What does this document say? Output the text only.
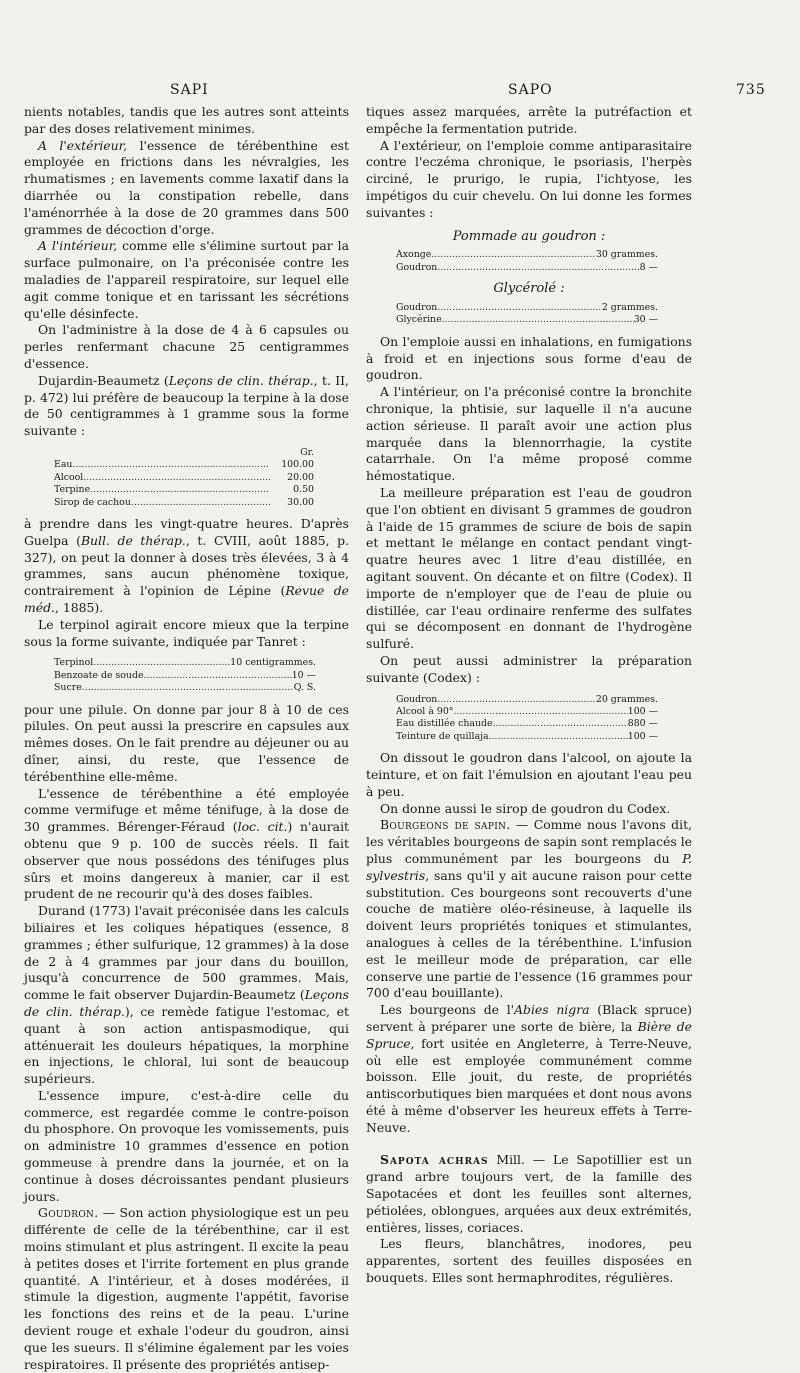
SAPI	SAPO	735

nients notables, tandis que les autres sont atteints par des doses relativement minimes.

A l'extérieur, l'essence de térébenthine est employée en frictions dans les névralgies, les rhumatismes ; en lavements comme laxatif dans la diarrhée ou la constipation rebelle, dans l'aménorrhée à la dose de 20 grammes dans 500 grammes de décoction d'orge.

A l'intérieur, comme elle s'élimine surtout par la surface pulmonaire, on l'a préconisée contre les maladies de l'appareil respiratoire, sur lequel elle agit comme tonique et en tarissant les sécrétions qu'elle désinfecte.

On l'administre à la dose de 4 à 6 capsules ou perles renfermant chacune 25 centigrammes d'essence.

Dujardin-Beaumetz (Leçons de clin. thérap., t. II, p. 472) lui préfère de beaucoup la terpine à la dose de 50 centigrammes à 1 gramme sous la forme suivante :

Gr.
Eau .....	100.00
Alcool .....	20.00
Terpine .....	0.50
Sirop de cachou .....	30.00

à prendre dans les vingt-quatre heures. D'après Guelpa (Bull. de thérap., t. CVIII, août 1885, p. 327), on peut la donner à doses très élevées, 3 à 4 grammes, sans aucun phénomène toxique, contrairement à l'opinion de Lépine (Revue de méd., 1885).

Le terpinol agirait encore mieux que la terpine sous la forme suivante, indiquée par Tanret :

Terpinol .....	10 centigrammes.
Benzoate de soude .....	10 —
Sucre .....	Q. S.

pour une pilule. On donne par jour 8 à 10 de ces pilules. On peut aussi la prescrire en capsules aux mêmes doses. On le fait prendre au déjeuner ou au dîner, ainsi, du reste, que l'essence de térébenthine elle-même.

L'essence de térébenthine a été employée comme vermifuge et même ténifuge, à la dose de 30 grammes. Bérenger-Féraud (loc. cit.) n'aurait obtenu que 9 p. 100 de succès réels. Il fait observer que nous possédons des ténifuges plus sûrs et moins dangereux à manier, car il est prudent de ne recourir qu'à des doses faibles.

Durand (1773) l'avait préconisée dans les calculs biliaires et les coliques hépatiques (essence, 8 grammes ; éther sulfurique, 12 grammes) à la dose de 2 à 4 grammes par jour dans du bouillon, jusqu'à concurrence de 500 grammes. Mais, comme le fait observer Dujardin-Beaumetz (Leçons de clin. thérap.), ce remède fatigue l'estomac, et quant à son action antispasmodique, qui atténuerait les douleurs hépatiques, la morphine en injections, le chloral, lui sont de beaucoup supérieurs.

L'essence impure, c'est-à-dire celle du commerce, est regardée comme le contre-poison du phosphore. On provoque les vomissements, puis on administre 10 grammes d'essence en potion gommeuse à prendre dans la journée, et on la continue à doses décroissantes pendant plusieurs jours.

Goudron. — Son action physiologique est un peu différente de celle de la térébenthine, car il est moins stimulant et plus astringent. Il excite la peau à petites doses et l'irrite fortement en plus grande quantité. A l'intérieur, et à doses modérées, il stimule la digestion, augmente l'appétit, favorise les fonctions des reins et de la peau. L'urine devient rouge et exhale l'odeur du goudron, ainsi que les sueurs. Il s'élimine également par les voies respiratoires. Il présente des propriétés antisep-

tiques assez marquées, arrête la putréfaction et empêche la fermentation putride.

A l'extérieur, on l'emploie comme antiparasitaire contre l'eczéma chronique, le psoriasis, l'herpès circiné, le prurigo, le rupia, l'ichtyose, les impétigos du cuir chevelu. On lui donne les formes suivantes :

Pommade au goudron :
Axonge .....	30 grammes.
Goudron .....	8 —
Glycérolé :
Goudron .....	2 grammes.
Glycérine .....	30 —

On l'emploie aussi en inhalations, en fumigations à froid et en injections sous forme d'eau de goudron.

A l'intérieur, on l'a préconisé contre la bronchite chronique, la phtisie, sur laquelle il n'a aucune action sérieuse. Il paraît avoir une action plus marquée dans la blennorrhagie, la cystite catarrhale. On l'a même proposé comme hémostatique.

La meilleure préparation est l'eau de goudron que l'on obtient en divisant 5 grammes de goudron à l'aide de 15 grammes de sciure de bois de sapin et mettant le mélange en contact pendant vingt-quatre heures avec 1 litre d'eau distillée, en agitant souvent. On décante et on filtre (Codex). Il importe de n'employer que de l'eau de pluie ou distillée, car l'eau ordinaire renferme des sulfates qui se décomposent en donnant de l'hydrogène sulfuré.

On peut aussi administrer la préparation suivante (Codex) :

Goudron .....	20 grammes.
Alcool à 90° .....	100 —
Eau distillée chaude .....	880 —
Teinture de quillaja .....	100 —

On dissout le goudron dans l'alcool, on ajoute la teinture, et on fait l'émulsion en ajoutant l'eau peu à peu.

On donne aussi le sirop de goudron du Codex.

Bourgeons de sapin. — Comme nous l'avons dit, les véritables bourgeons de sapin sont remplacés le plus communément par les bourgeons du P. sylvestris, sans qu'il y ait aucune raison pour cette substitution. Ces bourgeons sont recouverts d'une couche de matière oléo-résineuse, à laquelle ils doivent leurs propriétés toniques et stimulantes, analogues à celles de la térébenthine. L'infusion est le meilleur mode de préparation, car elle conserve une partie de l'essence (16 grammes pour 700 d'eau bouillante).

Les bourgeons de l'Abies nigra (Black spruce) servent à préparer une sorte de bière, la Bière de Spruce, fort usitée en Angleterre, à Terre-Neuve, où elle est employée communément comme boisson. Elle jouit, du reste, de propriétés antiscorbutiques bien marquées et dont nous avons été à même d'observer les heureux effets à Terre-Neuve.

Sapota achras Mill. — Le Sapotillier est un grand arbre toujours vert, de la famille des Sapotacées et dont les feuilles sont alternes, pétiolées, oblongues, arquées aux deux extrémités, entières, lisses, coriaces.

Les fleurs, blanchâtres, inodores, peu apparentes, sortent des feuilles disposées en bouquets. Elles sont hermaphrodites, régulières.
